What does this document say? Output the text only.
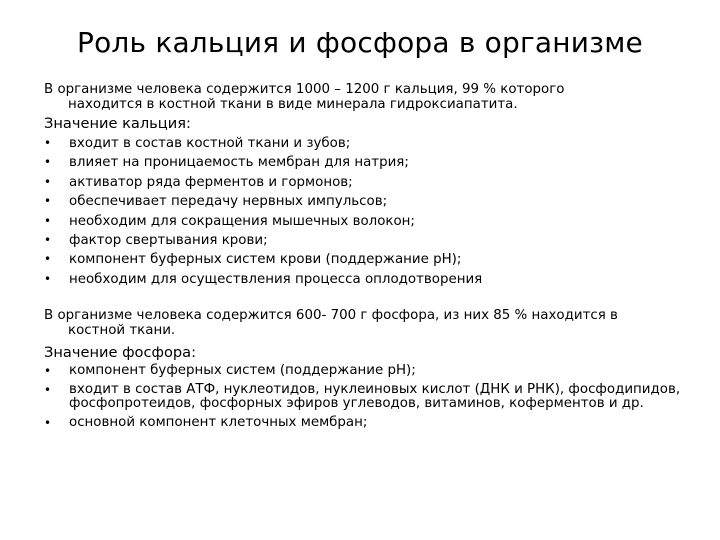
Роль кальция и фосфора в организме
В организме человека содержится 1000 – 1200 г кальция, 99 % которого
находится в костной ткани в виде минерала гидроксиапатита.
Значение кальция:
• входит в состав костной ткани и зубов;
• влияет на проницаемость мембран для натрия;
• активатор ряда ферментов и гормонов;
• обеспечивает передачу нервных импульсов;
• необходим для сокращения мышечных волокон;
• фактор свертывания крови;
• компонент буферных систем крови (поддержание рН);
• необходим для осуществления процесса оплодотворения
В организме человека содержится 600- 700 г фосфора, из них 85 % находится в
костной ткани.
Значение фосфора:
• компонент буферных систем (поддержание рН);
• входит в состав АТФ, нуклеотидов, нуклеиновых кислот (ДНК и РНК), фосфодипидов, фосфопротеидов, фосфорных эфиров углеводов, витаминов, коферментов и др.
• основной компонент клеточных мембран;
